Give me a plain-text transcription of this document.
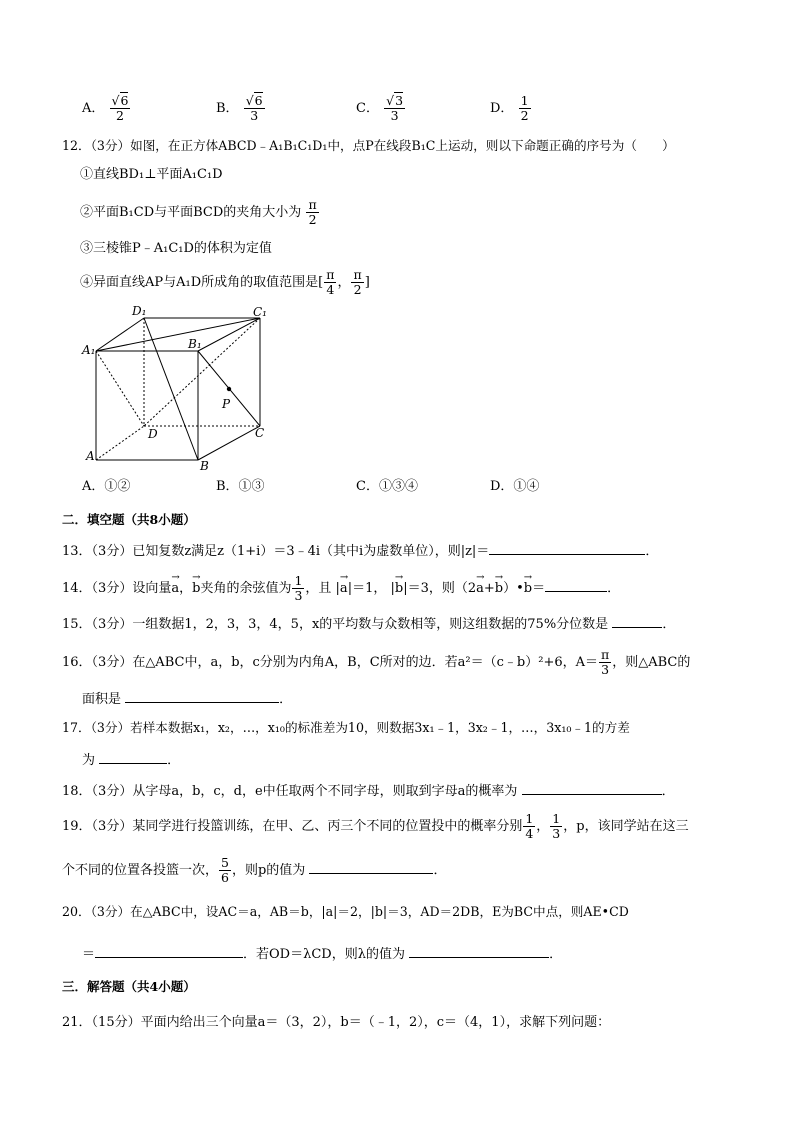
A． $\frac{√6}{2}$	B． $\frac{√6}{3}$	C． $\frac{√3}{3}$	D． $\frac{1}{2}$
12．（3分）如图，在正方体ABCD﹣A₁B₁C₁D₁中，点P在线段B₁C上运动，则以下命题正确的序号为（　　）
①直线BD₁⊥平面A₁C₁D
②平面B₁CD与平面BCD的夹角大小为 $\frac{\pi}{2}$
③三棱锥P﹣A₁C₁D的体积为定值
④异面直线AP与A₁D所成角的取值范围是[ $\frac{\pi}{4}$ ， $\frac{\pi}{2}$ ]
D₁	C₁
A₁	B₁
P
D	C
A
B
A．①②	B．①③	C．①③④	D．①④
二．填空题（共8小题）
13．（3分）已知复数z满足z（1+i）＝3﹣4i（其中i为虚数单位），则|z|＝	．
14．（3分）设向量→ a，→ b夹角的余弦值为 $\frac{1}{3}$ ，且 |→ a|＝1， |→ b|＝3，则（2→ a+→ b）•→ b＝	．
15．（3分）一组数据1，2，3，3，4，5，x的平均数与众数相等，则这组数据的75%分位数是	．
16．（3分）在△ABC中，a，b，c分别为内角A，B，C所对的边．若a²＝（c﹣b）²+6，$A= \frac{\pi}{3}$ ，则△ABC的
面积是	．
17．（3分）若样本数据x₁，x₂，…，x₁₀的标准差为10，则数据3x₁﹣1，3x₂﹣1，…，3x₁₀﹣1的方差
为	．
18．（3分）从字母a，b，c，d，e中任取两个不同字母，则取到字母a的概率为	．
19．（3分）某同学进行投篮训练，在甲、乙、丙三个不同的位置投中的概率分别 $\frac{1}{4}$ ， $\frac{1}{3}$ ，p，该同学站在这三
个不同的位置各投篮一次， $\frac{5}{6}$ ，则p的值为	．
20．（3分）在△ABC中，设AC＝a，AB＝b，|a|＝2，|b|＝3，AD＝2DB，E为BC中点，则AE•CD
＝	．若OD＝λCD，则λ的值为	．
三．解答题（共4小题）
21．（15分）平面内给出三个向量a＝（3，2），b＝（﹣1，2），c＝（4，1），求解下列问题：
